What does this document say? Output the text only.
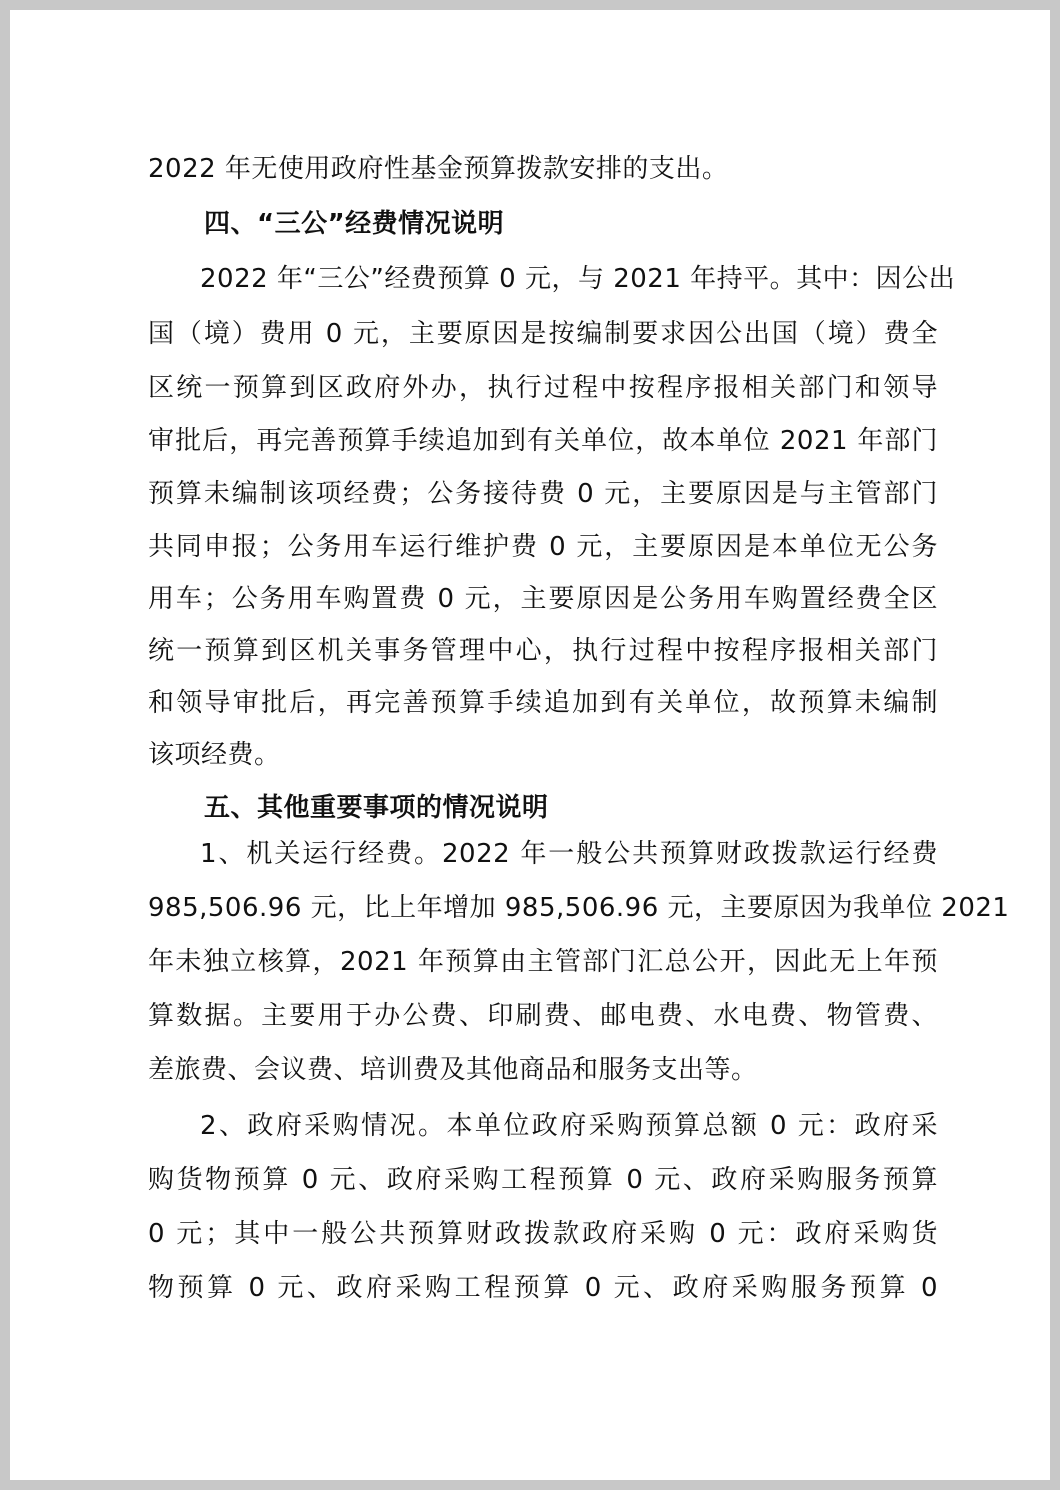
2022 年无使用政府性基金预算拨款安排的支出。
四、“三公”经费情况说明
2022 年“三公”经费预算 0 元，与 2021 年持平。其中：因公出
国（境）费用 0 元，主要原因是按编制要求因公出国（境）费全
区统一预算到区政府外办，执行过程中按程序报相关部门和领导
审批后，再完善预算手续追加到有关单位，故本单位 2021 年部门
预算未编制该项经费；公务接待费 0 元，主要原因是与主管部门
共同申报；公务用车运行维护费 0 元，主要原因是本单位无公务
用车；公务用车购置费 0 元，主要原因是公务用车购置经费全区
统一预算到区机关事务管理中心，执行过程中按程序报相关部门
和领导审批后，再完善预算手续追加到有关单位，故预算未编制
该项经费。
五、其他重要事项的情况说明
1、机关运行经费。2022 年一般公共预算财政拨款运行经费
985,506.96 元，比上年增加 985,506.96 元，主要原因为我单位 2021
年未独立核算，2021 年预算由主管部门汇总公开，因此无上年预
算数据。主要用于办公费、印刷费、邮电费、水电费、物管费、
差旅费、会议费、培训费及其他商品和服务支出等。
2、政府采购情况。本单位政府采购预算总额 0 元：政府采
购货物预算 0 元、政府采购工程预算 0 元、政府采购服务预算
0 元；其中一般公共预算财政拨款政府采购 0 元：政府采购货
物预算 0 元、政府采购工程预算 0 元、政府采购服务预算 0
